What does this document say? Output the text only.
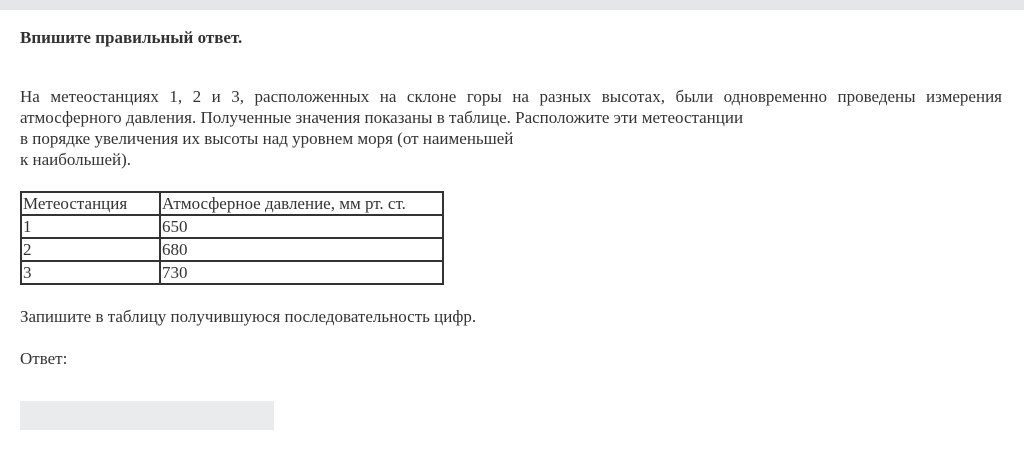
Впишите правильный ответ.

На метеостанциях 1, 2 и 3, расположенных на склоне горы на разных высотах, были одновременно проведены измерения
атмосферного давления. Полученные значения показаны в таблице. Расположите эти метеостанции
в порядке увеличения их высоты над уровнем моря (от наименьшей
к наибольшей).

Метеостанция	Атмосферное давление, мм рт. ст.
1	650
2	680
3	730

Запишите в таблицу получившуюся последовательность цифр.

Ответ:
